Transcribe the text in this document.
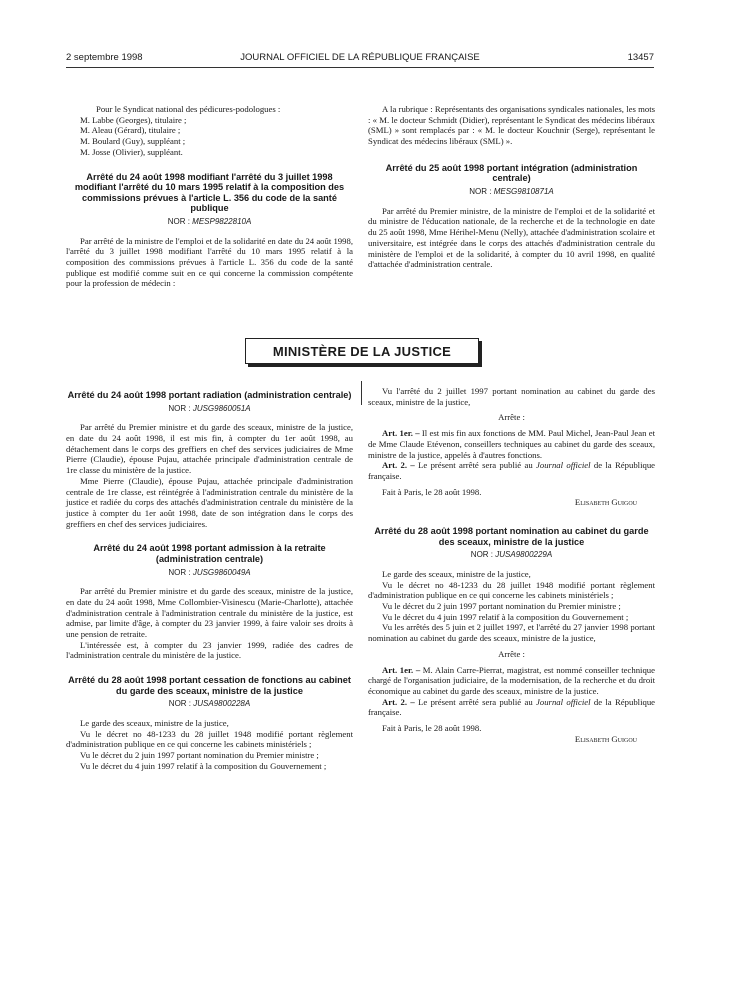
2 septembre 1998	JOURNAL OFFICIEL DE LA RÉPUBLIQUE FRANÇAISE	13457

Pour le Syndicat national des pédicures-podologues :

M. Labbe (Georges), titulaire ;

M. Aleau (Gérard), titulaire ;

M. Boulard (Guy), suppléant ;

M. Josse (Olivier), suppléant.

Arrêté du 24 août 1998 modifiant l'arrêté du 3 juillet 1998 modifiant l'arrêté du 10 mars 1995 relatif à la composition des commissions prévues à l'article L. 356 du code de la santé publique
NOR : MESP9822810A

Par arrêté de la ministre de l'emploi et de la solidarité en date du 24 août 1998, l'arrêté du 3 juillet 1998 modifiant l'arrêté du 10 mars 1995 relatif à la composition des commissions prévues à l'article L. 356 du code de la santé publique est modifié comme suit en ce qui concerne la commission compétente pour la profession de médecin :

A la rubrique : Représentants des organisations syndicales nationales, les mots : « M. le docteur Schmidt (Didier), représentant le Syndicat des médecins libéraux (SML) » sont remplacés par : « M. le docteur Kouchnir (Serge), représentant le Syndicat des médecins libéraux (SML) ».

Arrêté du 25 août 1998 portant intégration (administration centrale)
NOR : MESG9810871A

Par arrêté du Premier ministre, de la ministre de l'emploi et de la solidarité et du ministre de l'éducation nationale, de la recherche et de la technologie en date du 25 août 1998, Mme Hérihel-Menu (Nelly), attachée d'administration scolaire et universitaire, est intégrée dans le corps des attachés d'administration centrale du ministère de l'emploi et de la solidarité, à compter du 10 avril 1998, en qualité d'attachée d'administration centrale.

MINISTÈRE DE LA JUSTICE
Arrêté du 24 août 1998 portant radiation (administration centrale)
NOR : JUSG9860051A

Par arrêté du Premier ministre et du garde des sceaux, ministre de la justice, en date du 24 août 1998, il est mis fin, à compter du 1er août 1998, au détachement dans le corps des greffiers en chef des services judiciaires de Mme Pierre (Claudie), épouse Pujau, attachée principale d'administration centrale de 1re classe du ministère de la justice.

Mme Pierre (Claudie), épouse Pujau, attachée principale d'administration centrale de 1re classe, est réintégrée à l'administration centrale du ministère de la justice et radiée du corps des attachés d'administration centrale du ministère de la justice à compter du 1er août 1998, date de son intégration dans le corps des greffiers en chef des services judiciaires.

Arrêté du 24 août 1998 portant admission à la retraite (administration centrale)
NOR : JUSG9860049A

Par arrêté du Premier ministre et du garde des sceaux, ministre de la justice, en date du 24 août 1998, Mme Collombier-Visinescu (Marie-Charlotte), attachée d'administration centrale à l'administration centrale du ministère de la justice, est admise, par limite d'âge, à compter du 23 janvier 1999, à faire valoir ses droits à une pension de retraite.

L'intéressée est, à compter du 23 janvier 1999, radiée des cadres de l'administration centrale du ministère de la justice.

Arrêté du 28 août 1998 portant cessation de fonctions au cabinet du garde des sceaux, ministre de la justice
NOR : JUSA9800228A

Le garde des sceaux, ministre de la justice,

Vu le décret no 48-1233 du 28 juillet 1948 modifié portant règlement d'administration publique en ce qui concerne les cabinets ministériels ;

Vu le décret du 2 juin 1997 portant nomination du Premier ministre ;

Vu le décret du 4 juin 1997 relatif à la composition du Gouvernement ;

Vu l'arrêté du 2 juillet 1997 portant nomination au cabinet du garde des sceaux, ministre de la justice,

Arrête :

Art. 1er. – Il est mis fin aux fonctions de MM. Paul Michel, Jean-Paul Jean et de Mme Claude Etévenon, conseillers techniques au cabinet du garde des sceaux, ministre de la justice, appelés à d'autres fonctions.

Art. 2. – Le présent arrêté sera publié au Journal officiel de la République française.

Fait à Paris, le 28 août 1998.

Elisabeth Guigou

Arrêté du 28 août 1998 portant nomination au cabinet du garde des sceaux, ministre de la justice
NOR : JUSA9800229A

Le garde des sceaux, ministre de la justice,

Vu le décret no 48-1233 du 28 juillet 1948 modifié portant règlement d'administration publique en ce qui concerne les cabinets ministériels ;

Vu le décret du 2 juin 1997 portant nomination du Premier ministre ;

Vu le décret du 4 juin 1997 relatif à la composition du Gouvernement ;

Vu les arrêtés des 5 juin et 2 juillet 1997, et l'arrêté du 27 janvier 1998 portant nomination au cabinet du garde des sceaux, ministre de la justice,

Arrête :

Art. 1er. – M. Alain Carre-Pierrat, magistrat, est nommé conseiller technique chargé de l'organisation judiciaire, de la modernisation, de la recherche et du droit économique au cabinet du garde des sceaux, ministre de la justice.

Art. 2. – Le présent arrêté sera publié au Journal officiel de la République française.

Fait à Paris, le 28 août 1998.

Elisabeth Guigou
